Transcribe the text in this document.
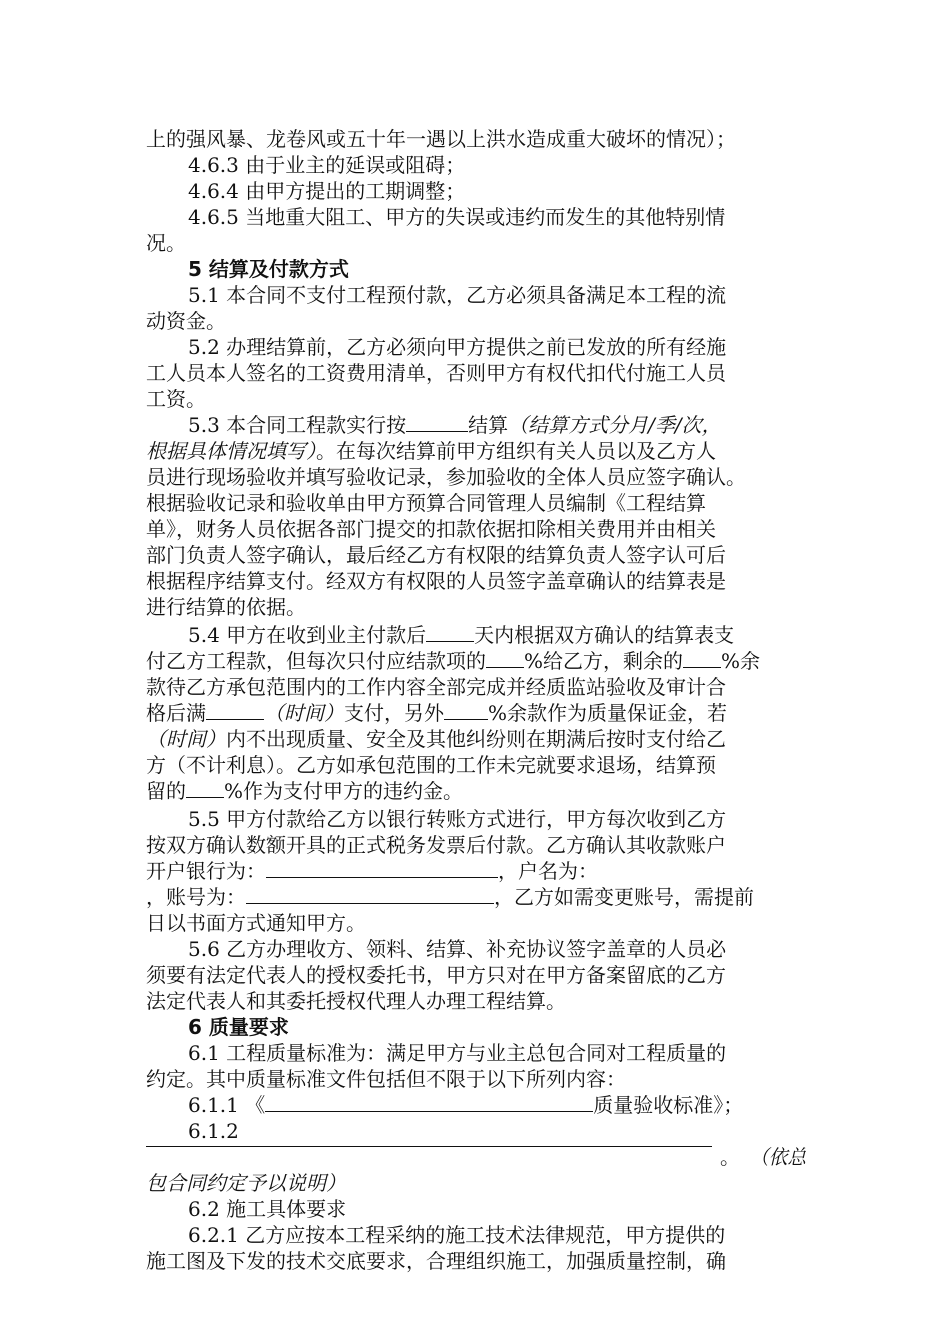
上的强风暴、龙卷风或五十年一遇以上洪水造成重大破坏的情况）；
4.6.3 由于业主的延误或阻碍；
4.6.4 由甲方提出的工期调整；
4.6.5 当地重大阻工、甲方的失误或违约而发生的其他特别情
况。
5 结算及付款方式
5.1 本合同不支付工程预付款，乙方必须具备满足本工程的流
动资金。
5.2 办理结算前，乙方必须向甲方提供之前已发放的所有经施
工人员本人签名的工资费用清单，否则甲方有权代扣代付施工人员
工资。
5.3 本合同工程款实行按	结算（结算方式分月/季/次，
根据具体情况填写）。在每次结算前甲方组织有关人员以及乙方人
员进行现场验收并填写验收记录，参加验收的全体人员应签字确认。
根据验收记录和验收单由甲方预算合同管理人员编制《工程结算
单》，财务人员依据各部门提交的扣款依据扣除相关费用并由相关
部门负责人签字确认，最后经乙方有权限的结算负责人签字认可后
根据程序结算支付。经双方有权限的人员签字盖章确认的结算表是
进行结算的依据。
5.4 甲方在收到业主付款后 天内根据双方确认的结算表支
付乙方工程款，但每次只付应结款项的 %给乙方，剩余的 %余
款待乙方承包范围内的工作内容全部完成并经质监站验收及审计合
格后满	（时间）支付，另外 %余款作为质量保证金，若
（时间）内不出现质量、安全及其他纠纷则在期满后按时支付给乙
方（不计利息）。乙方如承包范围的工作未完就要求退场，结算预
留的 %作为支付甲方的违约金。
5.5 甲方付款给乙方以银行转账方式进行，甲方每次收到乙方
按双方确认数额开具的正式税务发票后付款。乙方确认其收款账户
开户银行为：	，户名为：
，账号为：	，乙方如需变更账号，需提前
日以书面方式通知甲方。
5.6 乙方办理收方、领料、结算、补充协议签字盖章的人员必
须要有法定代表人的授权委托书，甲方只对在甲方备案留底的乙方
法定代表人和其委托授权代理人办理工程结算。
6 质量要求
6.1 工程质量标准为：满足甲方与业主总包合同对工程质量的
约定。其中质量标准文件包括但不限于以下所列内容：
6.1.1 《	质量验收标准》；
6.1.2
。 （依总
包合同约定予以说明）
6.2 施工具体要求
6.2.1 乙方应按本工程采纳的施工技术法律规范，甲方提供的
施工图及下发的技术交底要求，合理组织施工，加强质量控制，确
